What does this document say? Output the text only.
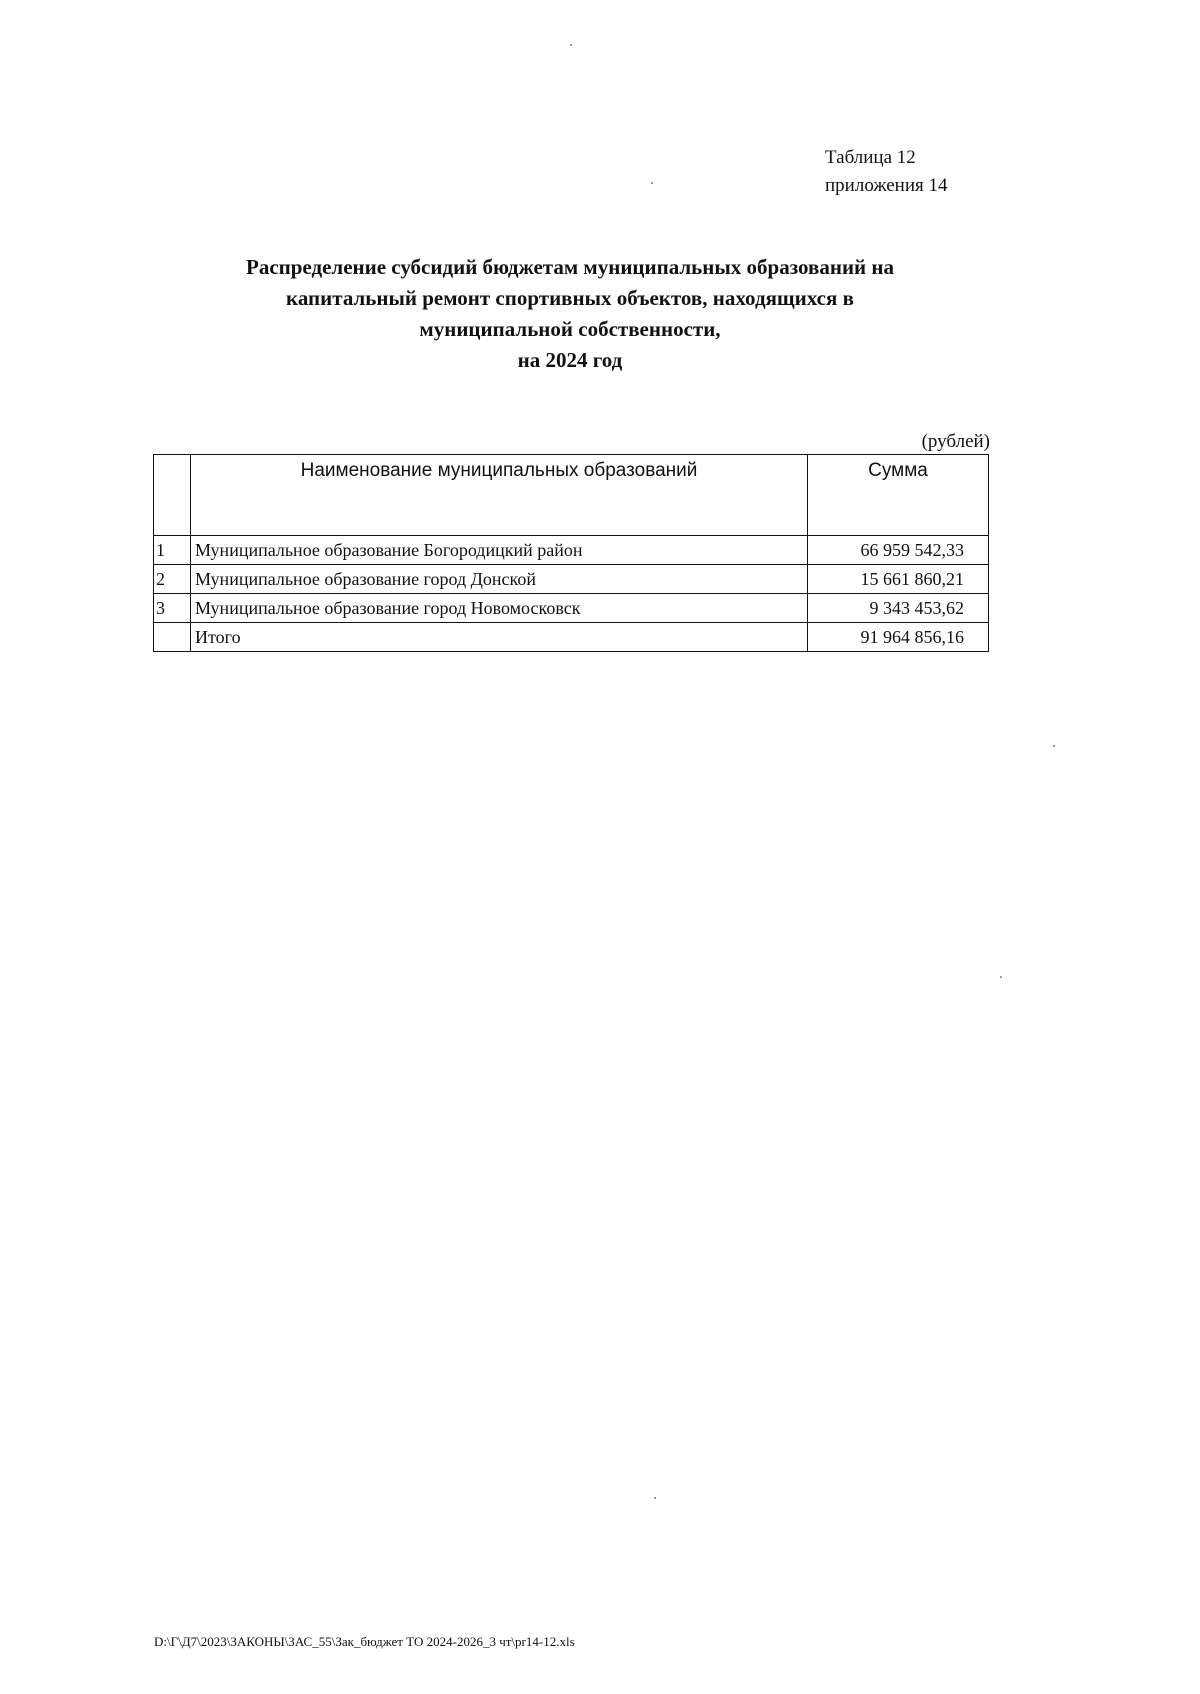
Таблица 12
приложения 14
Распределение субсидий бюджетам муниципальных образований на
капитальный ремонт спортивных объектов, находящихся в
муниципальной собственности,
на 2024 год
(рублей)
	Наименование муниципальных образований	Сумма
1	Муниципальное образование Богородицкий район	66 959 542,33
2	Муниципальное образование город Донской	15 661 860,21
3	Муниципальное образование город Новомосковск	9 343 453,62
	Итого	91 964 856,16
D:\Г\Д7\2023\ЗАКОНЫ\ЗАС_55\Зак_бюджет ТО 2024-2026_3 чт\pr14-12.xls
